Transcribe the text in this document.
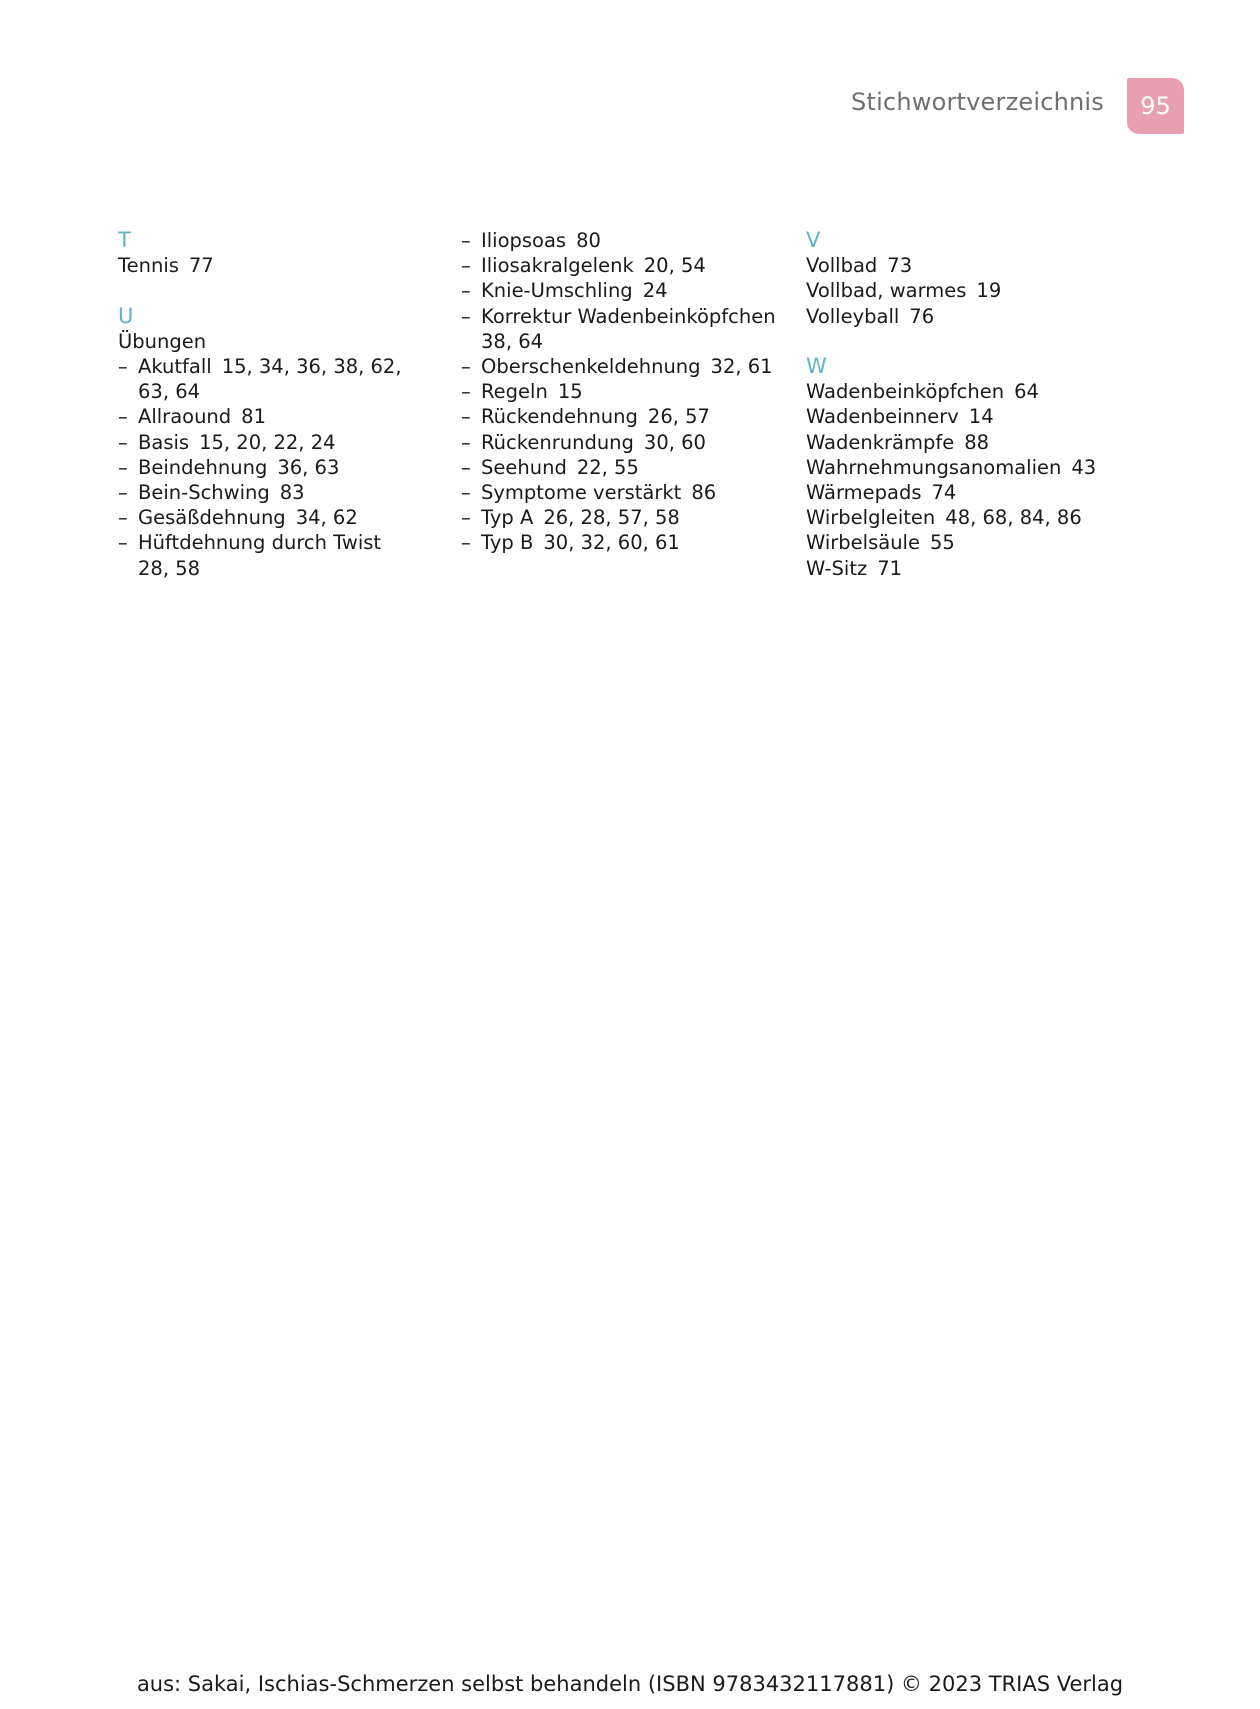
Stichwortverzeichnis	95
T
Tennis 77
U
Übungen
– Akutfall 15, 34, 36, 38, 62,
63, 64
– Allraound 81
– Basis 15, 20, 22, 24
– Beindehnung 36, 63
– Bein-Schwing 83
– Gesäßdehnung 34, 62
– Hüftdehnung durch Twist
28, 58
– Iliopsoas 80
– Iliosakralgelenk 20, 54
– Knie-Umschling 24
– Korrektur Wadenbeinköpfchen
38, 64
– Oberschenkeldehnung 32, 61
– Regeln 15
– Rückendehnung 26, 57
– Rückenrundung 30, 60
– Seehund 22, 55
– Symptome verstärkt 86
– Typ A 26, 28, 57, 58
– Typ B 30, 32, 60, 61
V
Vollbad 73
Vollbad, warmes 19
Volleyball 76
W
Wadenbeinköpfchen 64
Wadenbeinnerv 14
Wadenkrämpfe 88
Wahrnehmungsanomalien 43
Wärmepads 74
Wirbelgleiten 48, 68, 84, 86
Wirbelsäule 55
W-Sitz 71
aus: Sakai, Ischias-Schmerzen selbst behandeln (ISBN 9783432117881) © 2023 TRIAS Verlag
